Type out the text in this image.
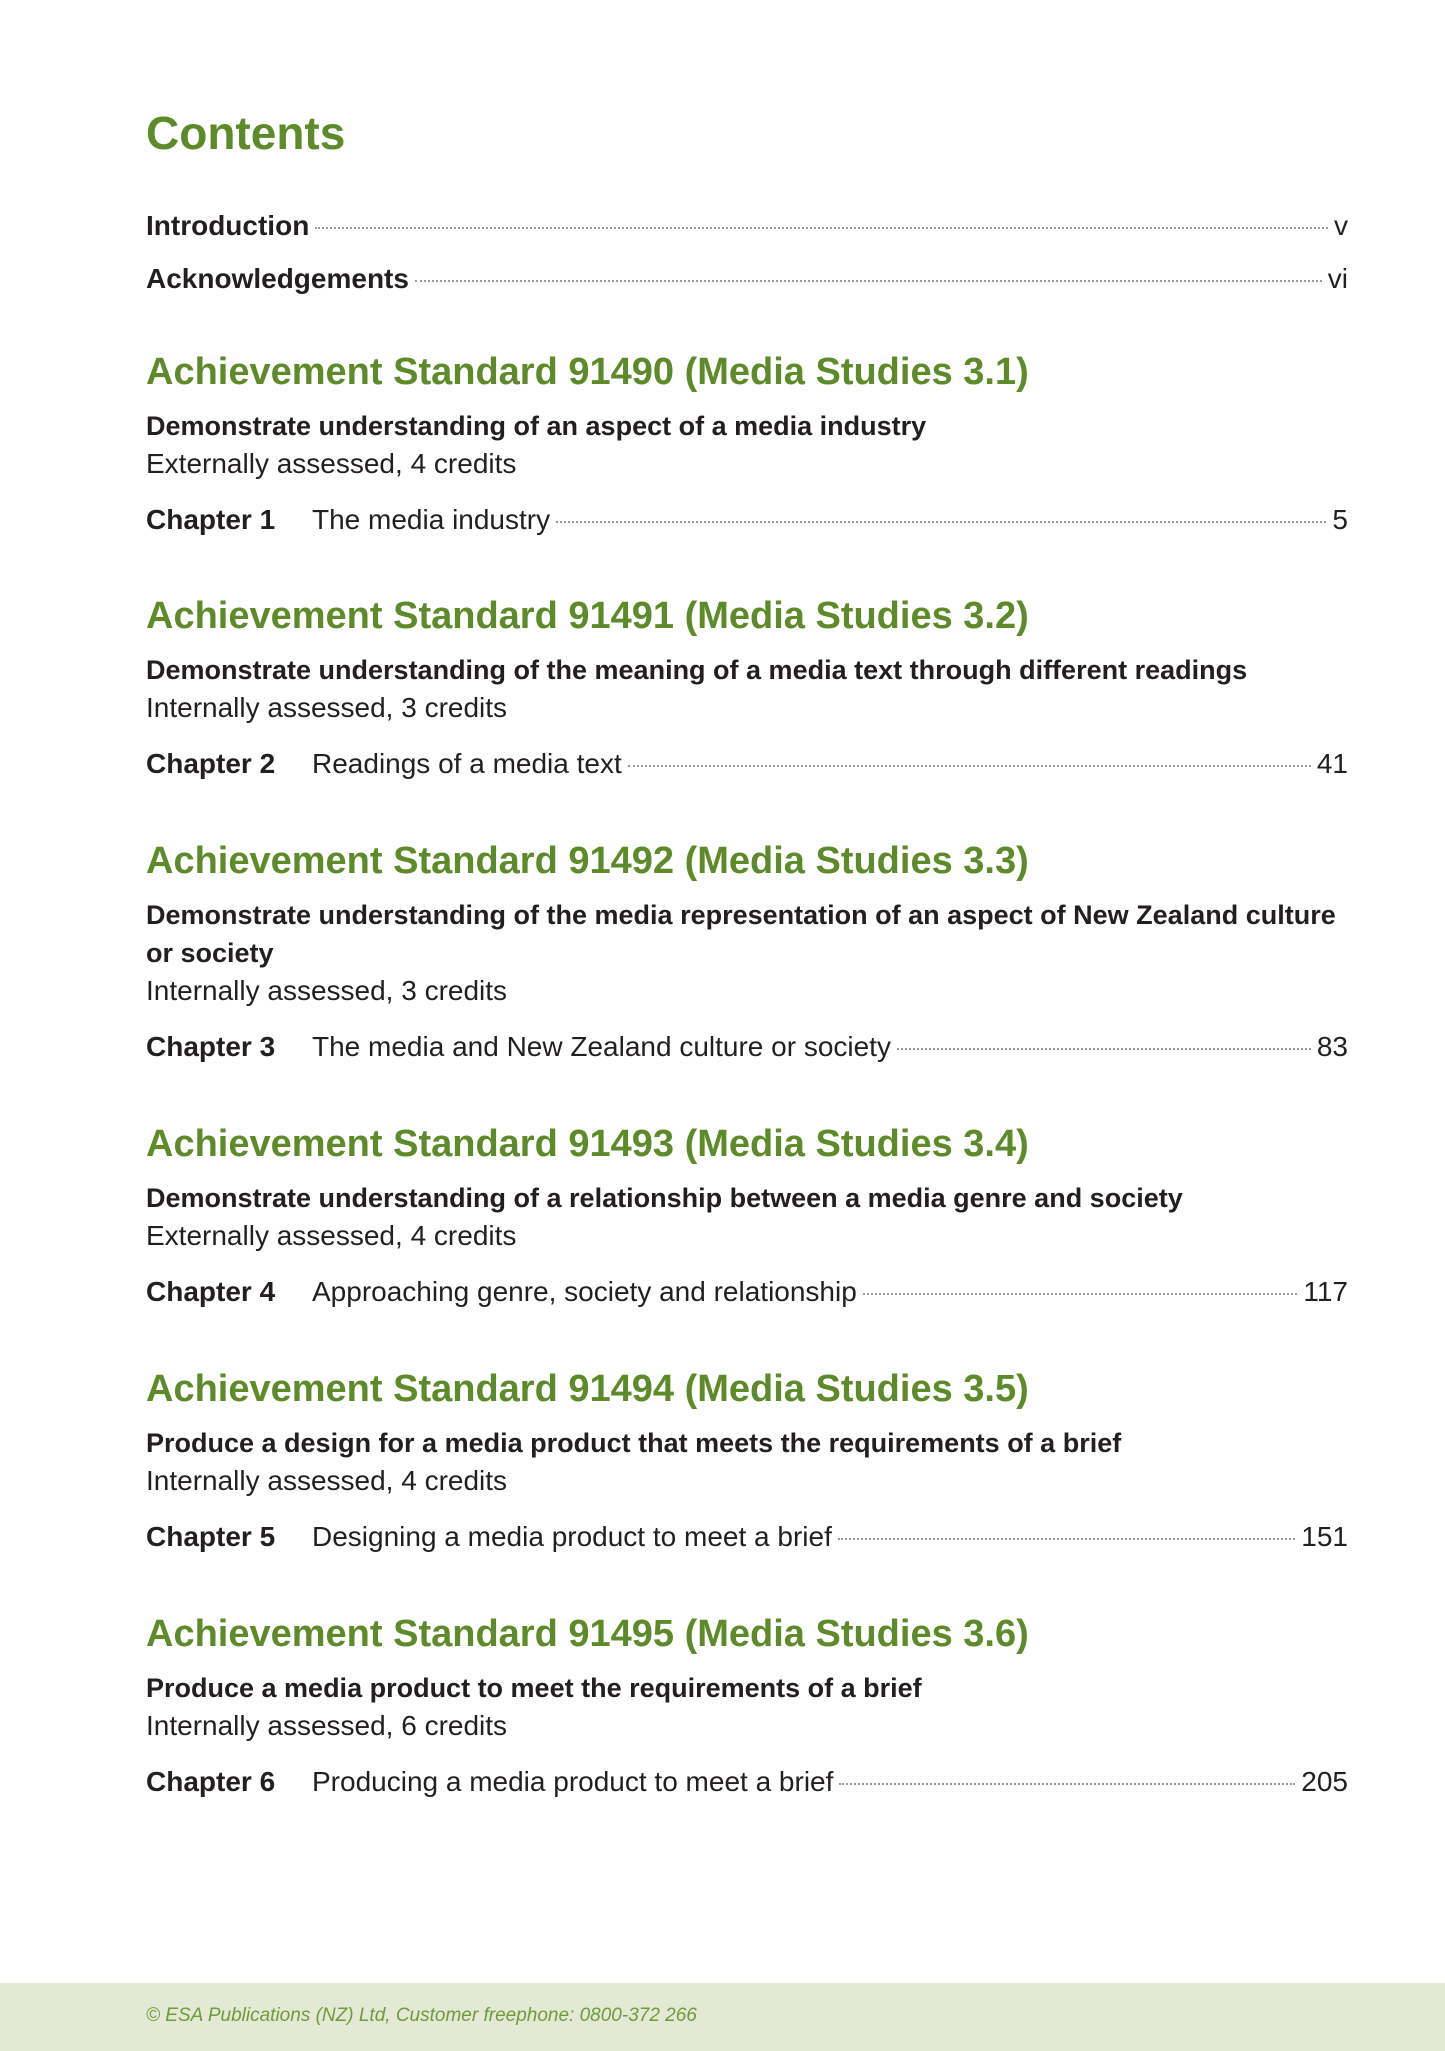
Contents
Introduction	v
Acknowledgements	vi
Achievement Standard 91490 (Media Studies 3.1)

Demonstrate understanding of an aspect of a media industry

Externally assessed, 4 credits

Chapter 1	The media industry	5
Achievement Standard 91491 (Media Studies 3.2)

Demonstrate understanding of the meaning of a media text through different readings

Internally assessed, 3 credits

Chapter 2	Readings of a media text	41
Achievement Standard 91492 (Media Studies 3.3)

Demonstrate understanding of the media representation of an aspect of New Zealand culture or society

Internally assessed, 3 credits

Chapter 3	The media and New Zealand culture or society	83
Achievement Standard 91493 (Media Studies 3.4)

Demonstrate understanding of a relationship between a media genre and society

Externally assessed, 4 credits

Chapter 4	Approaching genre, society and relationship	117
Achievement Standard 91494 (Media Studies 3.5)

Produce a design for a media product that meets the requirements of a brief

Internally assessed, 4 credits

Chapter 5	Designing a media product to meet a brief	151
Achievement Standard 91495 (Media Studies 3.6)

Produce a media product to meet the requirements of a brief

Internally assessed, 6 credits

Chapter 6	Producing a media product to meet a brief	205
© ESA Publications (NZ) Ltd, Customer freephone: 0800-372 266
